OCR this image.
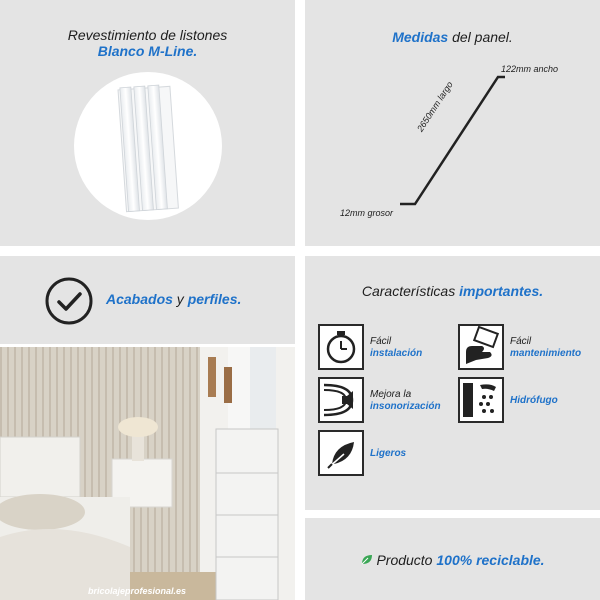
Revestimiento de listones
Blanco M-Line.
Medidas del panel.
122mm ancho
2650mm largo
12mm grosor
Acabados y perfiles.
bricolajeprofesional.es
Características importantes.
Fácil
instalación
Fácil
mantenimiento
Mejora la
insonorización
Hidrófugo
Ligeros
Producto 100% reciclable.
